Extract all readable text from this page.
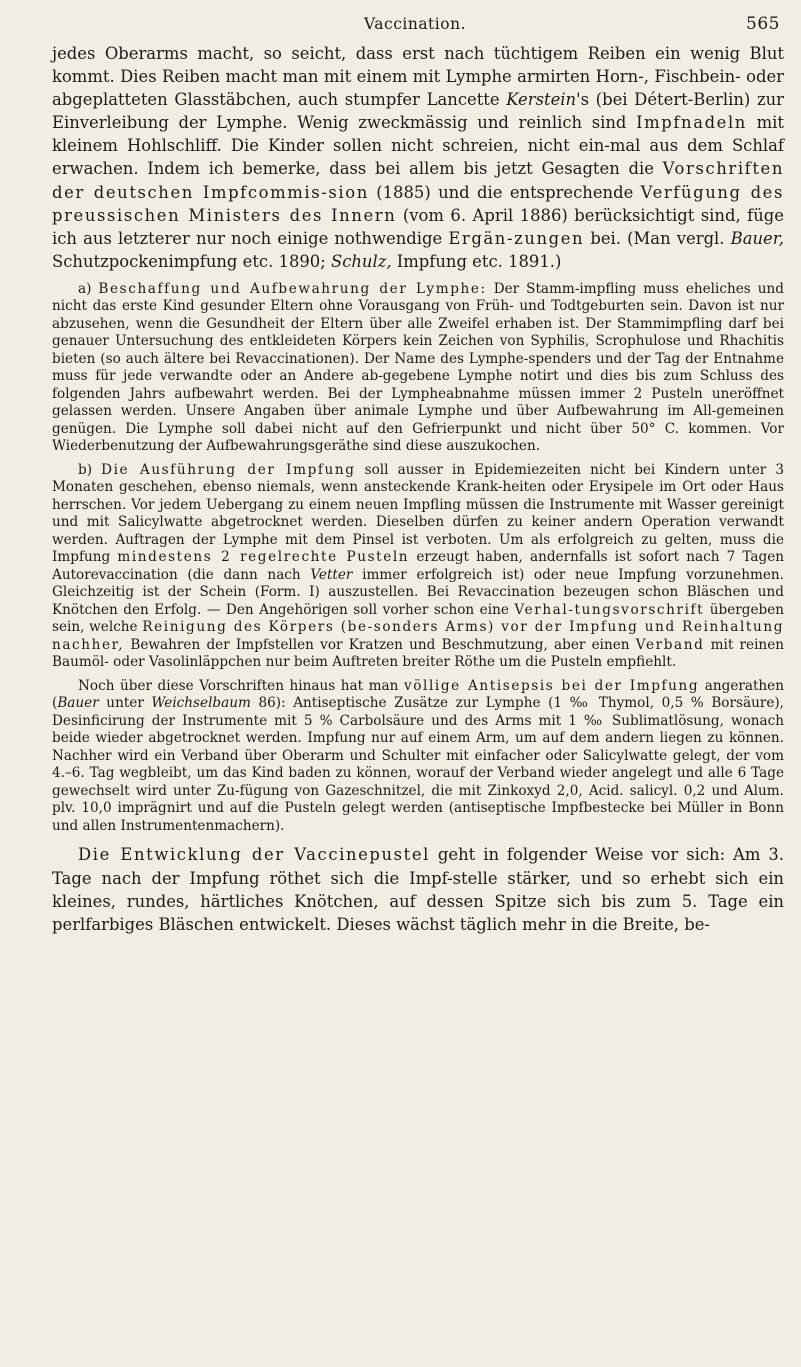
Vaccination.	565

jedes Oberarms macht, so seicht, dass erst nach tüchtigem Reiben ein wenig Blut kommt. Dies Reiben macht man mit einem mit Lymphe armirten Horn-, Fischbein- oder abgeplatteten Glasstäbchen, auch stumpfer Lancette Kerstein's (bei Détert-Berlin) zur Einverleibung der Lymphe. Wenig zweckmässig und reinlich sind Impfnadeln mit kleinem Hohlschliff. Die Kinder sollen nicht schreien, nicht ein-mal aus dem Schlaf erwachen. Indem ich bemerke, dass bei allem bis jetzt Gesagten die Vorschriften der deutschen Impfcommis-sion (1885) und die entsprechende Verfügung des preussischen Ministers des Innern (vom 6. April 1886) berücksichtigt sind, füge ich aus letzterer nur noch einige nothwendige Ergän-zungen bei. (Man vergl. Bauer, Schutzpockenimpfung etc. 1890; Schulz, Impfung etc. 1891.)

a) Beschaffung und Aufbewahrung der Lymphe: Der Stamm-impfling muss eheliches und nicht das erste Kind gesunder Eltern ohne Vorausgang von Früh- und Todtgeburten sein. Davon ist nur abzusehen, wenn die Gesundheit der Eltern über alle Zweifel erhaben ist. Der Stammimpfling darf bei genauer Untersuchung des entkleideten Körpers kein Zeichen von Syphilis, Scrophulose und Rhachitis bieten (so auch ältere bei Revaccinationen). Der Name des Lymphe-spenders und der Tag der Entnahme muss für jede verwandte oder an Andere ab-gegebene Lymphe notirt und dies bis zum Schluss des folgenden Jahrs aufbewahrt werden. Bei der Lympheabnahme müssen immer 2 Pusteln uneröffnet gelassen werden. Unsere Angaben über animale Lymphe und über Aufbewahrung im All-gemeinen genügen. Die Lymphe soll dabei nicht auf den Gefrierpunkt und nicht über 50° C. kommen. Vor Wiederbenutzung der Aufbewahrungsgeräthe sind diese auszukochen.

b) Die Ausführung der Impfung soll ausser in Epidemiezeiten nicht bei Kindern unter 3 Monaten geschehen, ebenso niemals, wenn ansteckende Krank-heiten oder Erysipele im Ort oder Haus herrschen. Vor jedem Uebergang zu einem neuen Impfling müssen die Instrumente mit Wasser gereinigt und mit Salicylwatte abgetrocknet werden. Dieselben dürfen zu keiner andern Operation verwandt werden. Auftragen der Lymphe mit dem Pinsel ist verboten. Um als erfolgreich zu gelten, muss die Impfung mindestens 2 regelrechte Pusteln erzeugt haben, andernfalls ist sofort nach 7 Tagen Autorevaccination (die dann nach Vetter immer erfolgreich ist) oder neue Impfung vorzunehmen. Gleichzeitig ist der Schein (Form. I) auszustellen. Bei Revaccination bezeugen schon Bläschen und Knötchen den Erfolg. — Den Angehörigen soll vorher schon eine Verhal-tungsvorschrift übergeben sein, welche Reinigung des Körpers (be-sonders Arms) vor der Impfung und Reinhaltung nachher, Bewahren der Impfstellen vor Kratzen und Beschmutzung, aber einen Verband mit reinen Baumöl- oder Vasolinläppchen nur beim Auftreten breiter Röthe um die Pusteln empfiehlt.

Noch über diese Vorschriften hinaus hat man völlige Antisepsis bei der Impfung angerathen (Bauer unter Weichselbaum 86): Antiseptische Zusätze zur Lymphe (1 ‰ Thymol, 0,5 % Borsäure), Desinficirung der Instrumente mit 5 % Carbolsäure und des Arms mit 1 ‰ Sublimatlösung, wonach beide wieder abgetrocknet werden. Impfung nur auf einem Arm, um auf dem andern liegen zu können. Nachher wird ein Verband über Oberarm und Schulter mit einfacher oder Salicylwatte gelegt, der vom 4.–6. Tag wegbleibt, um das Kind baden zu können, worauf der Verband wieder angelegt und alle 6 Tage gewechselt wird unter Zu-fügung von Gazeschnitzel, die mit Zinkoxyd 2,0, Acid. salicyl. 0,2 und Alum. plv. 10,0 imprägnirt und auf die Pusteln gelegt werden (antiseptische Impfbestecke bei Müller in Bonn und allen Instrumentenmachern).

Die Entwicklung der Vaccinepustel geht in folgender Weise vor sich: Am 3. Tage nach der Impfung röthet sich die Impf-stelle stärker, und so erhebt sich ein kleines, rundes, härtliches Knötchen, auf dessen Spitze sich bis zum 5. Tage ein perlfarbiges Bläschen entwickelt. Dieses wächst täglich mehr in die Breite, be-
